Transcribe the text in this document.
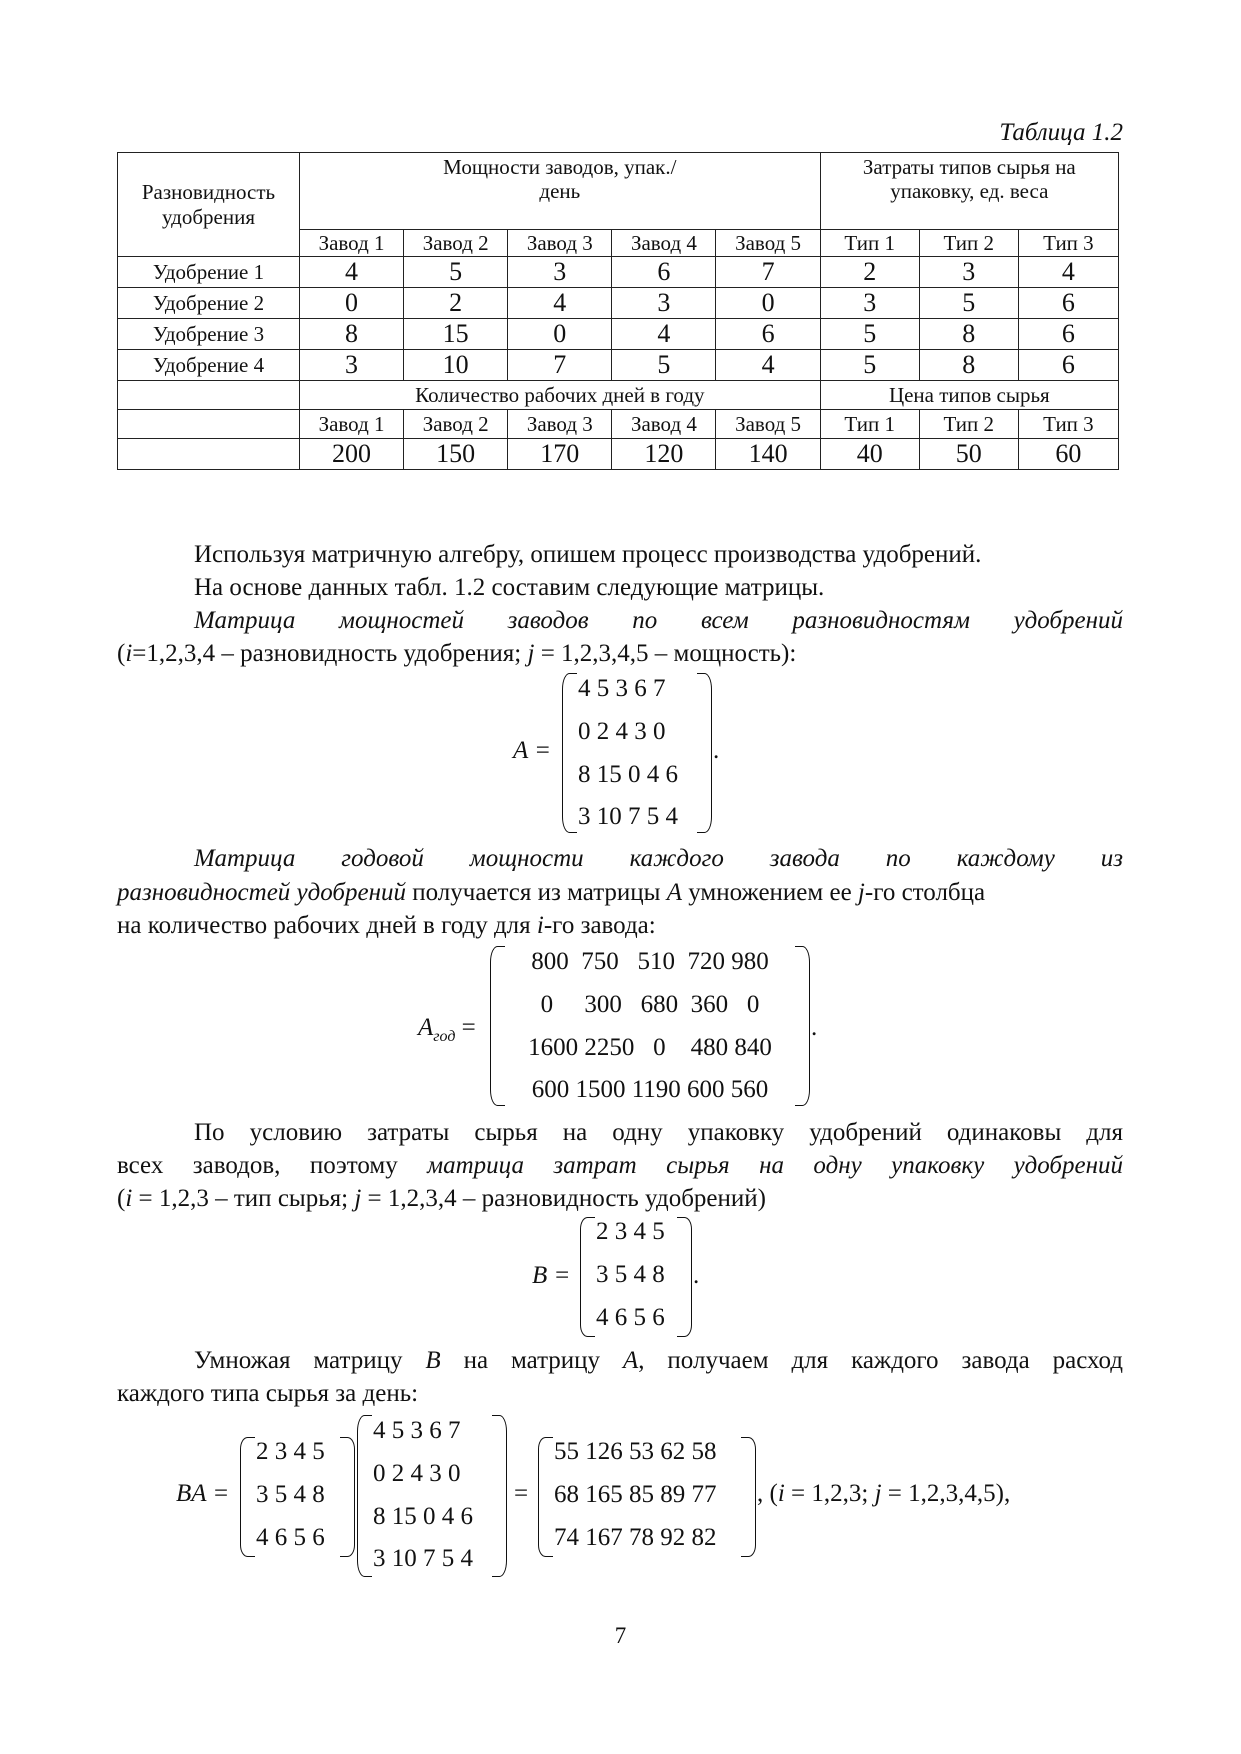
Таблица 1.2
Разновидность удобрения	Мощности заводов, упак./день					Затраты типов сырья на упаковку, ед. веса		
	Завод 1	Завод 2	Завод 3	Завод 4	Завод 5	Тип 1	Тип 2	Тип 3
Удобрение 1	4	5	3	6	7	2	3	4
Удобрение 2	0	2	4	3	0	3	5	6
Удобрение 3	8	15	0	4	6	5	8	6
Удобрение 4	3	10	7	5	4	5	8	6
	Количество рабочих дней в году					Цена типов сырья		
	Завод 1	Завод 2	Завод 3	Завод 4	Завод 5	Тип 1	Тип 2	Тип 3
	200	150	170	120	140	40	50	60
Используя матричную алгебру, опишем процесс производства удобрений.
На основе данных табл. 1.2 составим следующие матрицы.
Матрица мощностей заводов по всем разновидностям удобрений
(i=1,2,3,4 – разновидность удобрения; j = 1,2,3,4,5 – мощность):
A =
4 5 3 6 7
0 2 4 3 0
8 15 0 4 6
3 10 7 5 4
.
Матрица годовой мощности каждого завода по каждому из
разновидностей удобрений получается из матрицы A умножением ее j-го столбца
на количество рабочих дней в году для i-го завода:
$A_{год}$ =

800  750   510  720 980

0     300   680  360   0

1600 2250   0    480 840

600 1500 1190 600 560

.
По условию затраты сырья на одну упаковку удобрений одинаковы для
всех заводов, поэтому матрица затрат сырья на одну упаковку удобрений
(i = 1,2,3 – тип сырья; j = 1,2,3,4 – разновидность удобрений)
B =
2 3 4 5
3 5 4 8
4 6 5 6
.
Умножая матрицу B на матрицу A, получаем для каждого завода расход
каждого типа сырья за день:
BA =
2 3 4 5
3 5 4 8
4 6 5 6
4 5 3 6 7
0 2 4 3 0
8 15 0 4 6
3 10 7 5 4
=
55 126 53 62 58
68 165 85 89 77
74 167 78 92 82
, (i = 1,2,3; j = 1,2,3,4,5),
7
